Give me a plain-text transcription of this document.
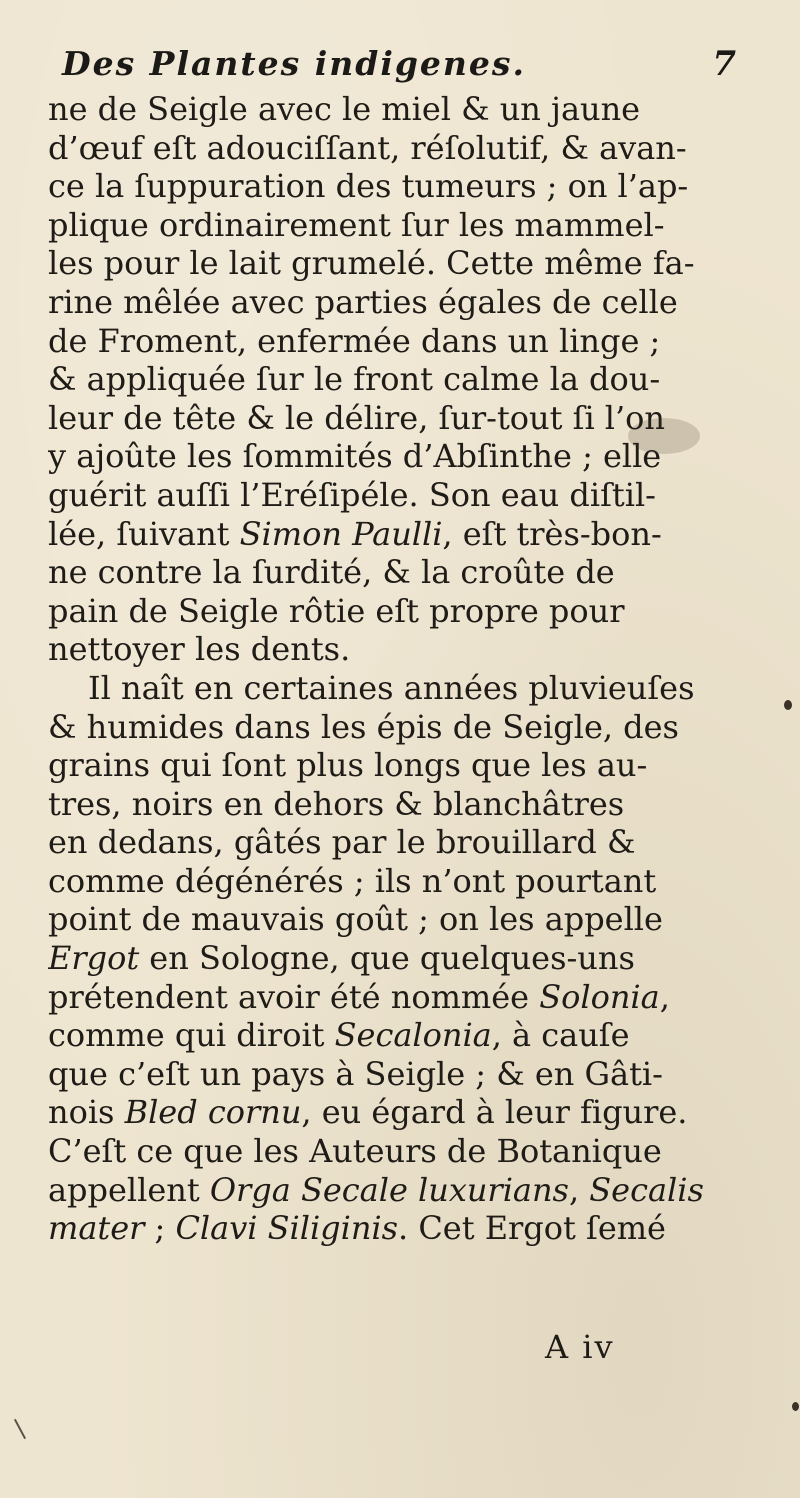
Des Plantes indigenes.	7
ne de Seigle avec le miel & un jaune
d’œuf eſt adouciſſant, réſolutif, & avan-
ce la ſuppuration des tumeurs ; on l’ap-
plique ordinairement ſur les mammel-
les pour le lait grumelé. Cette même fa-
rine mêlée avec parties égales de celle
de Froment, enfermée dans un linge ;
& appliquée ſur le front calme la dou-
leur de tête & le délire, ſur-tout ſi l’on
y ajoûte les ſommités d’Abſinthe ; elle
guérit auſſi l’Eréſipéle. Son eau diſtil-
lée, ſuivant Simon Paulli, eſt très-bon-
ne contre la ſurdité, & la croûte de
pain de Seigle rôtie eſt propre pour
nettoyer les dents.
Il naît en certaines années pluvieuſes
& humides dans les épis de Seigle, des
grains qui ſont plus longs que les au-
tres, noirs en dehors & blanchâtres
en dedans, gâtés par le brouillard &
comme dégénérés ; ils n’ont pourtant
point de mauvais goût ; on les appelle
Ergot en Sologne, que quelques-uns
prétendent avoir été nommée Solonia,
comme qui diroit Secalonia, à cauſe
que c’eſt un pays à Seigle ; & en Gâti-
nois Bled cornu, eu égard à leur figure.
C’eſt ce que les Auteurs de Botanique
appellent Orga Secale luxurians, Secalis
mater ; Clavi Siliginis. Cet Ergot ſemé
A iv
